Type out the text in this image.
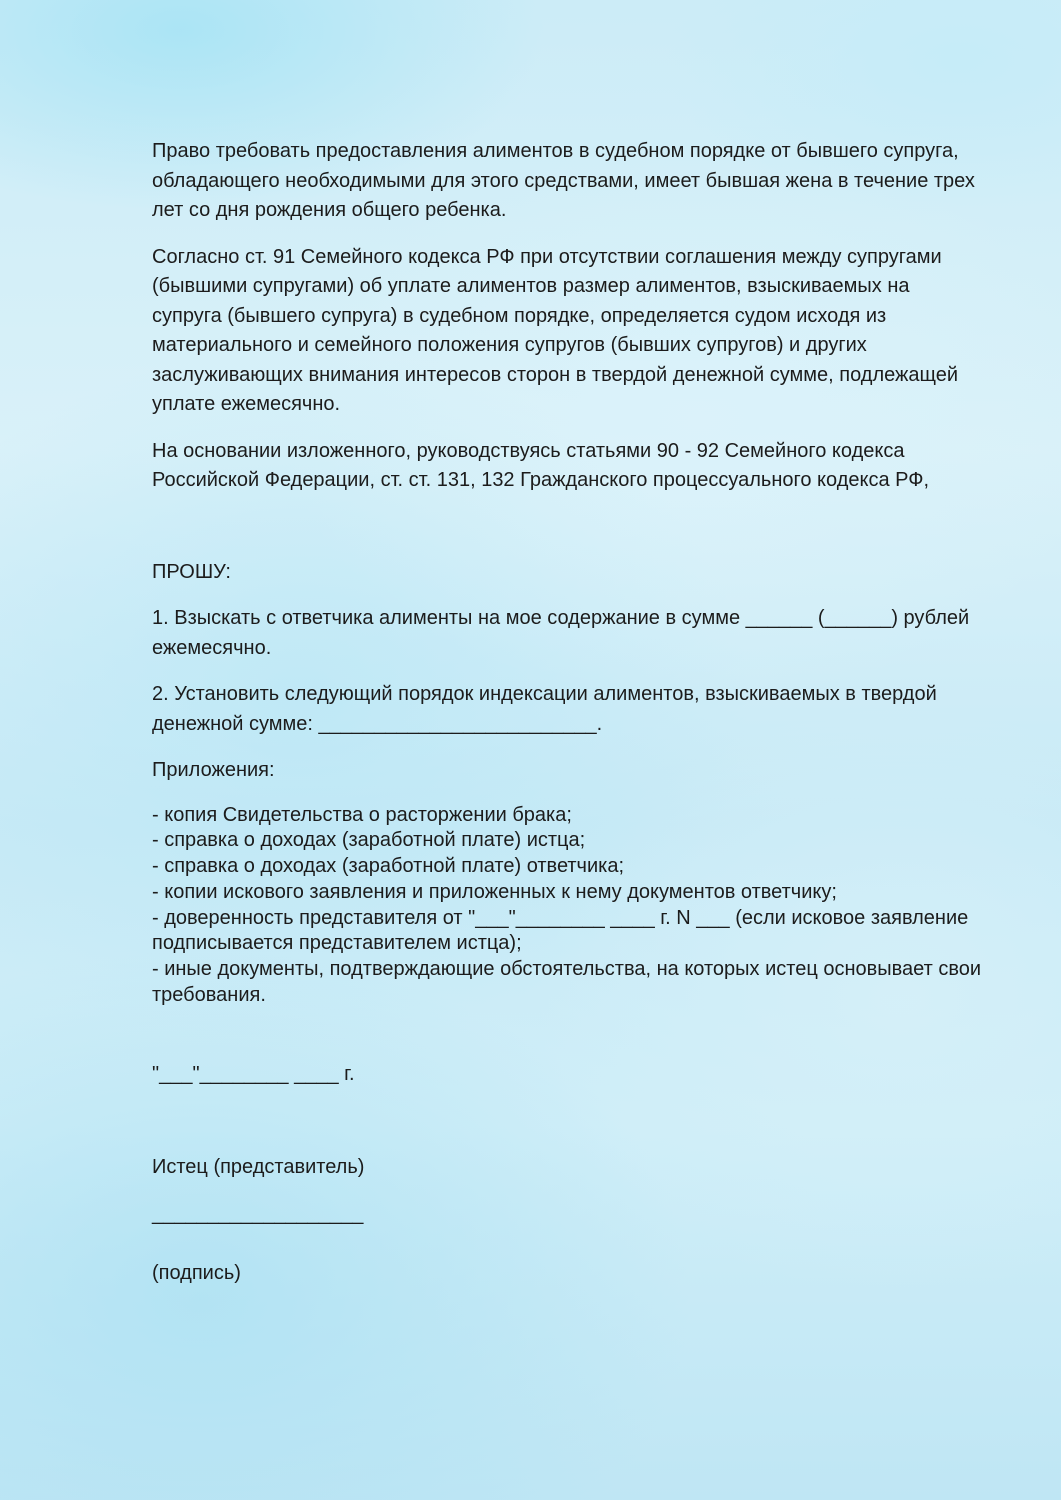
Право требовать предоставления алиментов в судебном порядке от бывшего супруга, обладающего необходимыми для этого средствами, имеет бывшая жена в течение трех лет со дня рождения общего ребенка.

Согласно ст. 91 Семейного кодекса РФ при отсутствии соглашения между супругами (бывшими супругами) об уплате алиментов размер алиментов, взыскиваемых на супруга (бывшего супруга) в судебном порядке, определяется судом исходя из материального и семейного положения супругов (бывших супругов) и других заслуживающих внимания интересов сторон в твердой денежной сумме, подлежащей уплате ежемесячно.

На основании изложенного, руководствуясь статьями 90 - 92 Семейного кодекса Российской Федерации, ст. ст. 131, 132 Гражданского процессуального кодекса РФ,

ПРОШУ:

1. Взыскать с ответчика алименты на мое содержание в сумме ______ (______) рублей ежемесячно.

2. Установить следующий порядок индексации алиментов, взыскиваемых в твердой денежной сумме: _________________________.

Приложения:

- копия Свидетельства о расторжении брака;
- справка о доходах (заработной плате) истца;
- справка о доходах (заработной плате) ответчика;
- копии искового заявления и приложенных к нему документов ответчику;
- доверенность представителя от "___"________ ____ г. N ___ (если исковое заявление подписывается представителем истца);
- иные документы, подтверждающие обстоятельства, на которых истец основывает свои требования.

"___"________ ____ г.

Истец (представитель)

___________________

(подпись)
